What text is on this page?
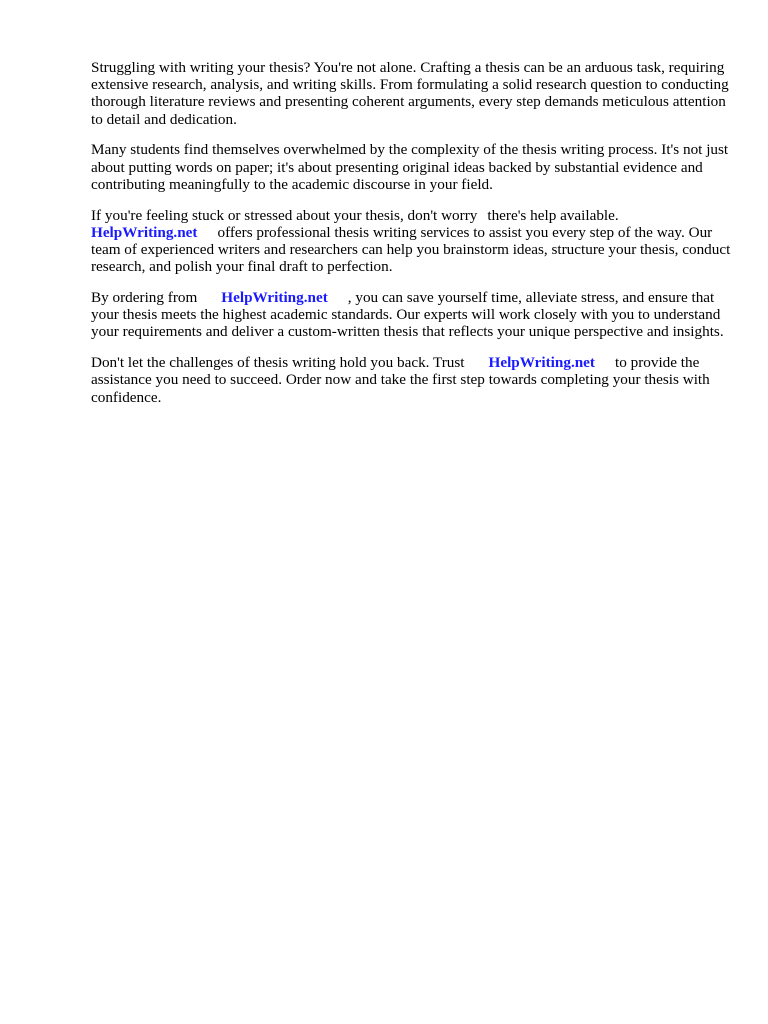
Struggling with writing your thesis? You're not alone. Crafting a thesis can be an arduous task, requiring extensive research, analysis, and writing skills. From formulating a solid research question to conducting thorough literature reviews and presenting coherent arguments, every step demands meticulous attention to detail and dedication.

Many students find themselves overwhelmed by the complexity of the thesis writing process. It's not just about putting words on paper; it's about presenting original ideas backed by substantial evidence and contributing meaningfully to the academic discourse in your field.

If you're feeling stuck or stressed about your thesis, don't worry there's help available.
HelpWriting.net offers professional thesis writing services to assist you every step of the way. Our team of experienced writers and researchers can help you brainstorm ideas, structure your thesis, conduct research, and polish your final draft to perfection.

By ordering from HelpWriting.net , you can save yourself time, alleviate stress, and ensure that your thesis meets the highest academic standards. Our experts will work closely with you to understand your requirements and deliver a custom-written thesis that reflects your unique perspective and insights.

Don't let the challenges of thesis writing hold you back. Trust HelpWriting.net to provide the assistance you need to succeed. Order now and take the first step towards completing your thesis with confidence.
